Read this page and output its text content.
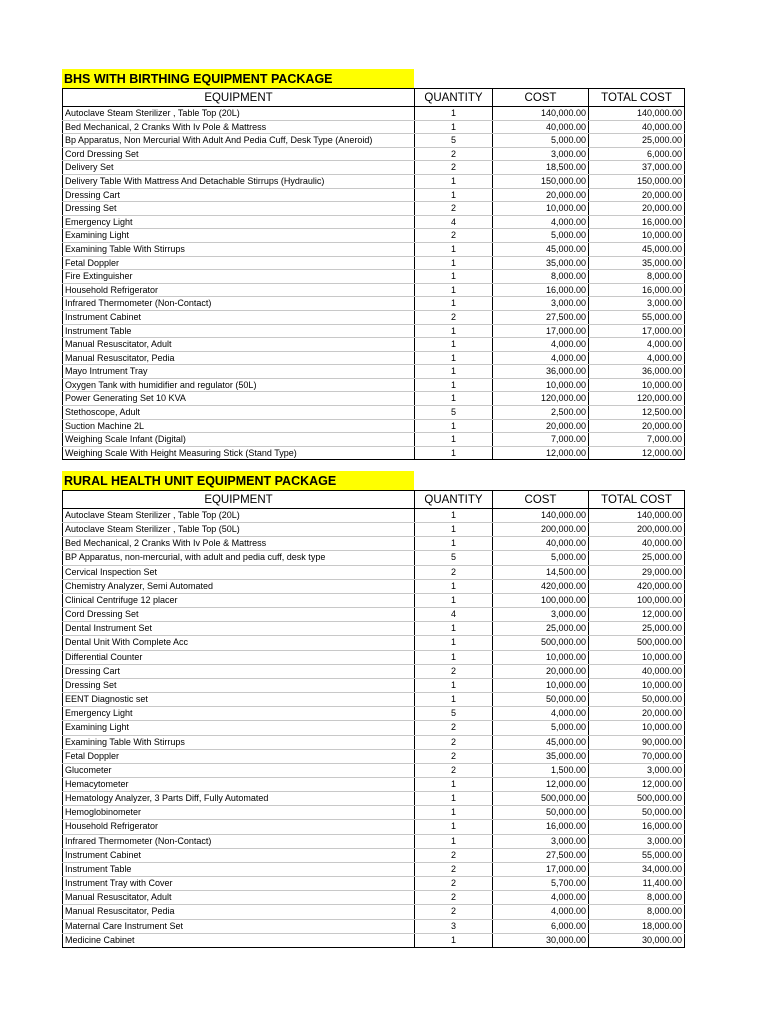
BHS WITH BIRTHING EQUIPMENT PACKAGE
EQUIPMENT	QUANTITY	COST	TOTAL COST
Autoclave Steam Sterilizer , Table Top (20L)	1	140,000.00	140,000.00
Bed Mechanical, 2 Cranks With Iv Pole & Mattress	1	40,000.00	40,000.00
Bp Apparatus, Non Mercurial With Adult And Pedia Cuff, Desk Type (Aneroid)	5	5,000.00	25,000.00
Cord Dressing Set	2	3,000.00	6,000.00
Delivery Set	2	18,500.00	37,000.00
Delivery Table With Mattress And Detachable Stirrups (Hydraulic)	1	150,000.00	150,000.00
Dressing Cart	1	20,000.00	20,000.00
Dressing Set	2	10,000.00	20,000.00
Emergency Light	4	4,000.00	16,000.00
Examining Light	2	5,000.00	10,000.00
Examining Table With Stirrups	1	45,000.00	45,000.00
Fetal Doppler	1	35,000.00	35,000.00
Fire Extinguisher	1	8,000.00	8,000.00
Household Refrigerator	1	16,000.00	16,000.00
Infrared Thermometer (Non-Contact)	1	3,000.00	3,000.00
Instrument Cabinet	2	27,500.00	55,000.00
Instrument Table	1	17,000.00	17,000.00
Manual Resuscitator, Adult	1	4,000.00	4,000.00
Manual Resuscitator, Pedia	1	4,000.00	4,000.00
Mayo Intrument Tray	1	36,000.00	36,000.00
Oxygen Tank with humidifier and regulator (50L)	1	10,000.00	10,000.00
Power Generating Set 10 KVA	1	120,000.00	120,000.00
Stethoscope, Adult	5	2,500.00	12,500.00
Suction Machine 2L	1	20,000.00	20,000.00
Weighing Scale Infant (Digital)	1	7,000.00	7,000.00
Weighing Scale With Height Measuring Stick (Stand Type)	1	12,000.00	12,000.00
RURAL HEALTH UNIT EQUIPMENT PACKAGE
EQUIPMENT	QUANTITY	COST	TOTAL COST
Autoclave Steam Sterilizer , Table Top (20L)	1	140,000.00	140,000.00
Autoclave Steam Sterilizer , Table Top (50L)	1	200,000.00	200,000.00
Bed Mechanical, 2 Cranks With Iv Pole & Mattress	1	40,000.00	40,000.00
BP Apparatus, non-mercurial, with adult and pedia cuff, desk type	5	5,000.00	25,000.00
Cervical Inspection Set	2	14,500.00	29,000.00
Chemistry Analyzer, Semi Automated	1	420,000.00	420,000.00
Clinical Centrifuge 12 placer	1	100,000.00	100,000.00
Cord Dressing Set	4	3,000.00	12,000.00
Dental Instrument Set	1	25,000.00	25,000.00
Dental Unit With Complete Acc	1	500,000.00	500,000.00
Differential Counter	1	10,000.00	10,000.00
Dressing Cart	2	20,000.00	40,000.00
Dressing Set	1	10,000.00	10,000.00
EENT Diagnostic set	1	50,000.00	50,000.00
Emergency Light	5	4,000.00	20,000.00
Examining Light	2	5,000.00	10,000.00
Examining Table With Stirrups	2	45,000.00	90,000.00
Fetal Doppler	2	35,000.00	70,000.00
Glucometer	2	1,500.00	3,000.00
Hemacytometer	1	12,000.00	12,000.00
Hematology Analyzer, 3 Parts Diff, Fully Automated	1	500,000.00	500,000.00
Hemoglobinometer	1	50,000.00	50,000.00
Household Refrigerator	1	16,000.00	16,000.00
Infrared Thermometer (Non-Contact)	1	3,000.00	3,000.00
Instrument Cabinet	2	27,500.00	55,000.00
Instrument Table	2	17,000.00	34,000.00
Instrument Tray with Cover	2	5,700.00	11,400.00
Manual Resuscitator, Adult	2	4,000.00	8,000.00
Manual Resuscitator, Pedia	2	4,000.00	8,000.00
Maternal Care Instrument Set	3	6,000.00	18,000.00
Medicine Cabinet	1	30,000.00	30,000.00
